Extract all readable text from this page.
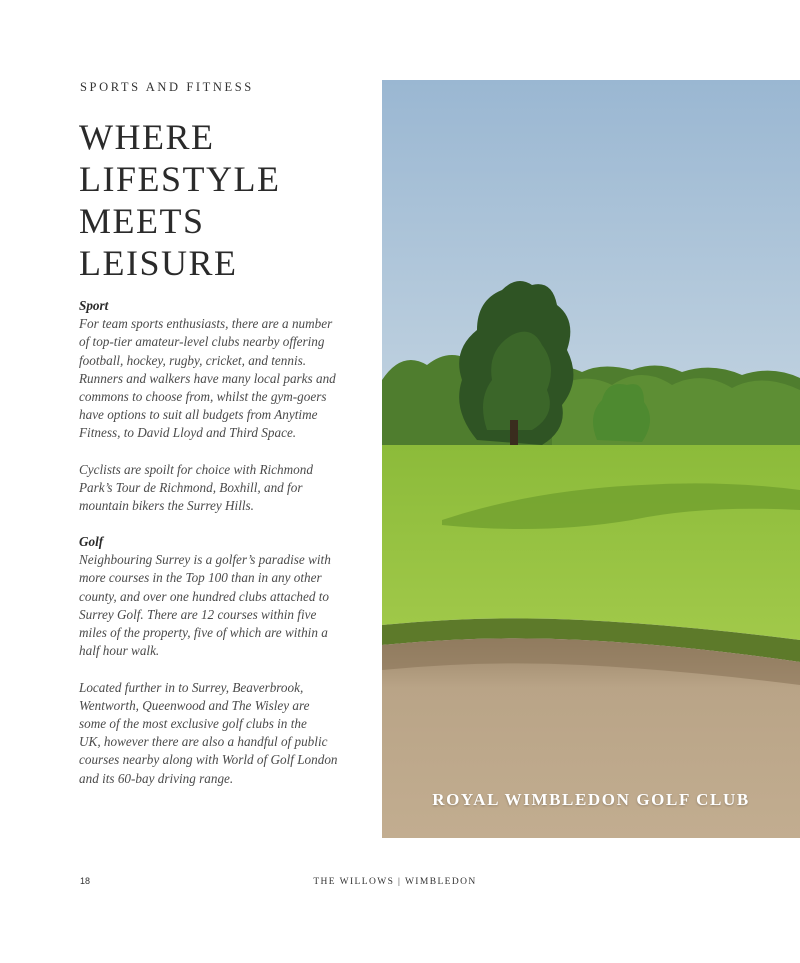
SPORTS AND FITNESS
WHERE
LIFESTYLE
MEETS
LEISURE
Sport
For team sports enthusiasts, there are a number
of top-tier amateur-level clubs nearby offering
football, hockey, rugby, cricket, and tennis.
Runners and walkers have many local parks and
commons to choose from, whilst the gym-goers
have options to suit all budgets from Anytime
Fitness, to David Lloyd and Third Space.
Cyclists are spoilt for choice with Richmond
Park’s Tour de Richmond, Boxhill, and for
mountain bikers the Surrey Hills.
Golf
Neighbouring Surrey is a golfer’s paradise with
more courses in the Top 100 than in any other
county, and over one hundred clubs attached to
Surrey Golf. There are 12 courses within five
miles of the property, five of which are within a
half hour walk.
Located further in to Surrey, Beaverbrook,
Wentworth, Queenwood and The Wisley are
some of the most exclusive golf clubs in the
UK, however there are also a handful of public
courses nearby along with World of Golf London
and its 60-bay driving range.
ROYAL WIMBLEDON GOLF CLUB
18	THE WILLOWS | WIMBLEDON
